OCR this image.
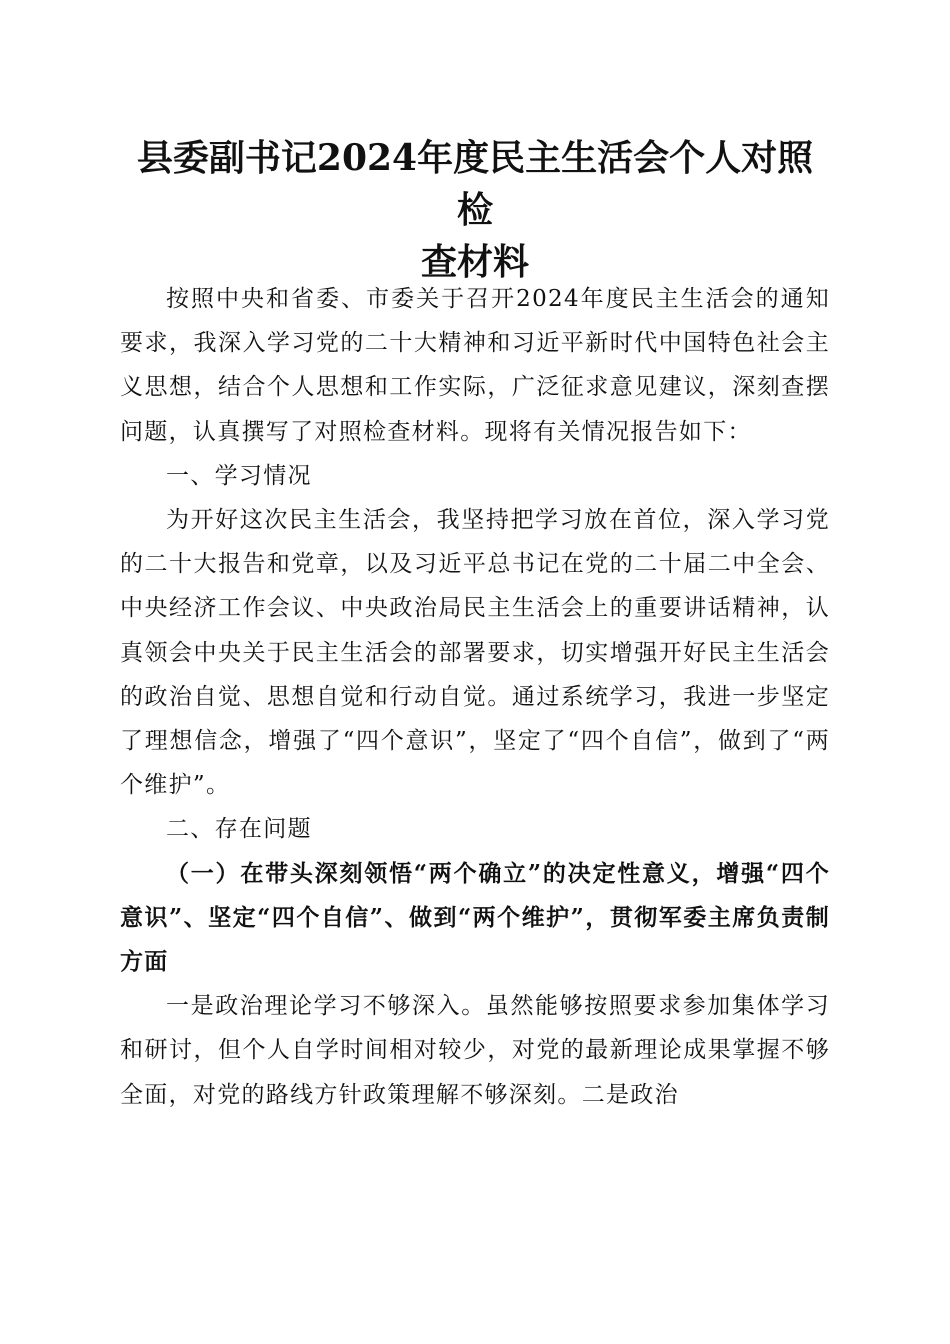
县委副书记2024年度民主生活会个人对照检
查材料

按照中央和省委、市委关于召开2024年度民主生活会的通知要求，我深入学习党的二十大精神和习近平新时代中国特色社会主义思想，结合个人思想和工作实际，广泛征求意见建议，深刻查摆问题，认真撰写了对照检查材料。现将有关情况报告如下：

一、学习情况

为开好这次民主生活会，我坚持把学习放在首位，深入学习党的二十大报告和党章，以及习近平总书记在党的二十届二中全会、中央经济工作会议、中央政治局民主生活会上的重要讲话精神，认真领会中央关于民主生活会的部署要求，切实增强开好民主生活会的政治自觉、思想自觉和行动自觉。通过系统学习，我进一步坚定了理想信念，增强了“四个意识”，坚定了“四个自信”，做到了“两个维护”。

二、存在问题

（一）在带头深刻领悟“两个确立”的决定性意义，增强“四个意识”、坚定“四个自信”、做到“两个维护”，贯彻军委主席负责制方面

一是政治理论学习不够深入。虽然能够按照要求参加集体学习和研讨，但个人自学时间相对较少，对党的最新理论成果掌握不够全面，对党的路线方针政策理解不够深刻。二是政治
